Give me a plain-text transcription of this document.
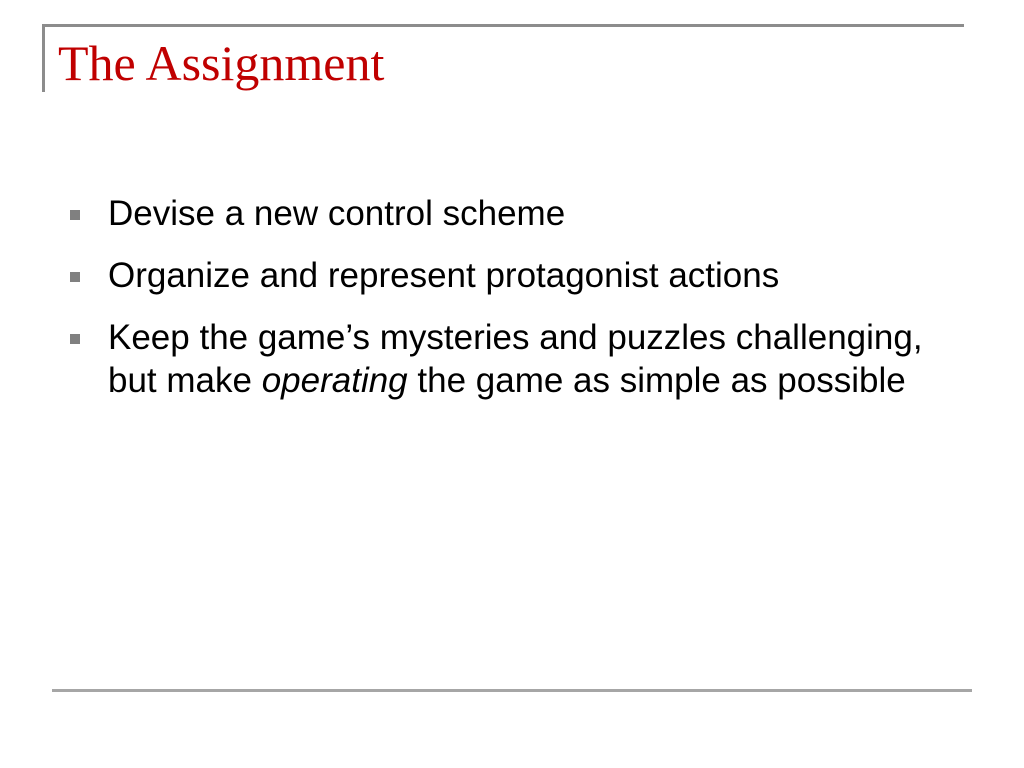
The Assignment
Devise a new control scheme
Organize and represent protagonist actions
Keep the game’s mysteries and puzzles challenging, but make operating the game as simple as possible
